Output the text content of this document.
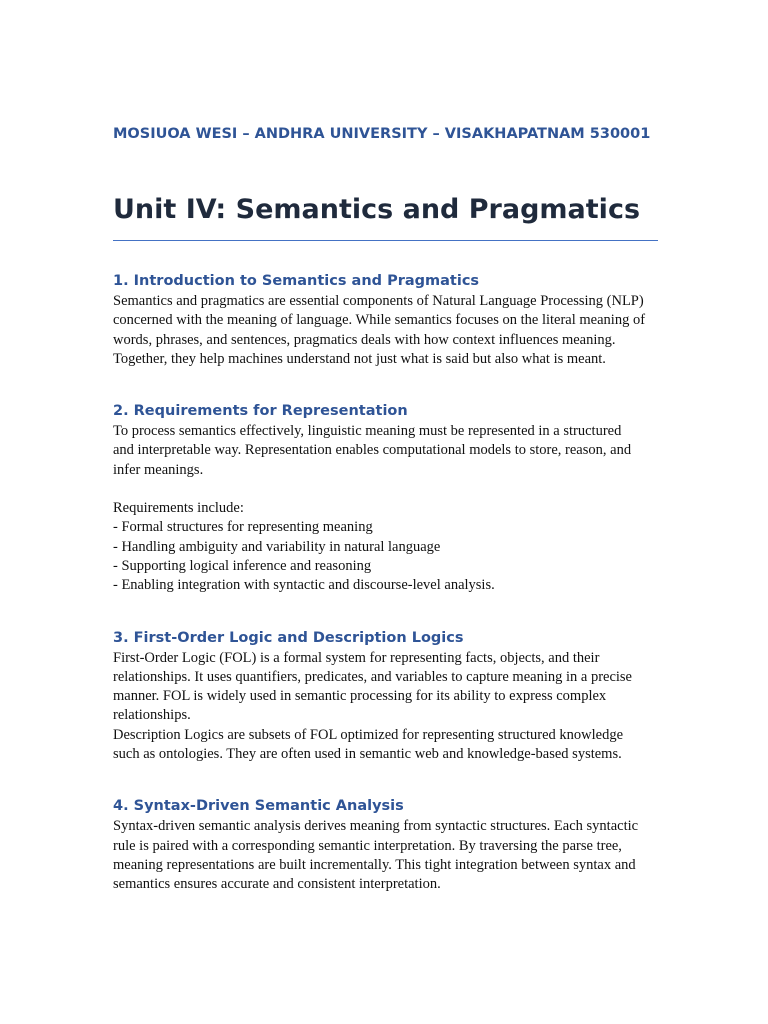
MOSIUOA WESI – ANDHRA UNIVERSITY – VISAKHAPATNAM 530001

Unit IV: Semantics and Pragmatics
1. Introduction to Semantics and Pragmatics

Semantics and pragmatics are essential components of Natural Language Processing (NLP)
concerned with the meaning of language. While semantics focuses on the literal meaning of
words, phrases, and sentences, pragmatics deals with how context influences meaning.
Together, they help machines understand not just what is said but also what is meant.

2. Requirements for Representation

To process semantics effectively, linguistic meaning must be represented in a structured
and interpretable way. Representation enables computational models to store, reason, and
infer meanings.

Requirements include:
- Formal structures for representing meaning
- Handling ambiguity and variability in natural language
- Supporting logical inference and reasoning
- Enabling integration with syntactic and discourse-level analysis.

3. First-Order Logic and Description Logics

First-Order Logic (FOL) is a formal system for representing facts, objects, and their
relationships. It uses quantifiers, predicates, and variables to capture meaning in a precise
manner. FOL is widely used in semantic processing for its ability to express complex
relationships.
Description Logics are subsets of FOL optimized for representing structured knowledge
such as ontologies. They are often used in semantic web and knowledge-based systems.

4. Syntax-Driven Semantic Analysis

Syntax-driven semantic analysis derives meaning from syntactic structures. Each syntactic
rule is paired with a corresponding semantic interpretation. By traversing the parse tree,
meaning representations are built incrementally. This tight integration between syntax and
semantics ensures accurate and consistent interpretation.
